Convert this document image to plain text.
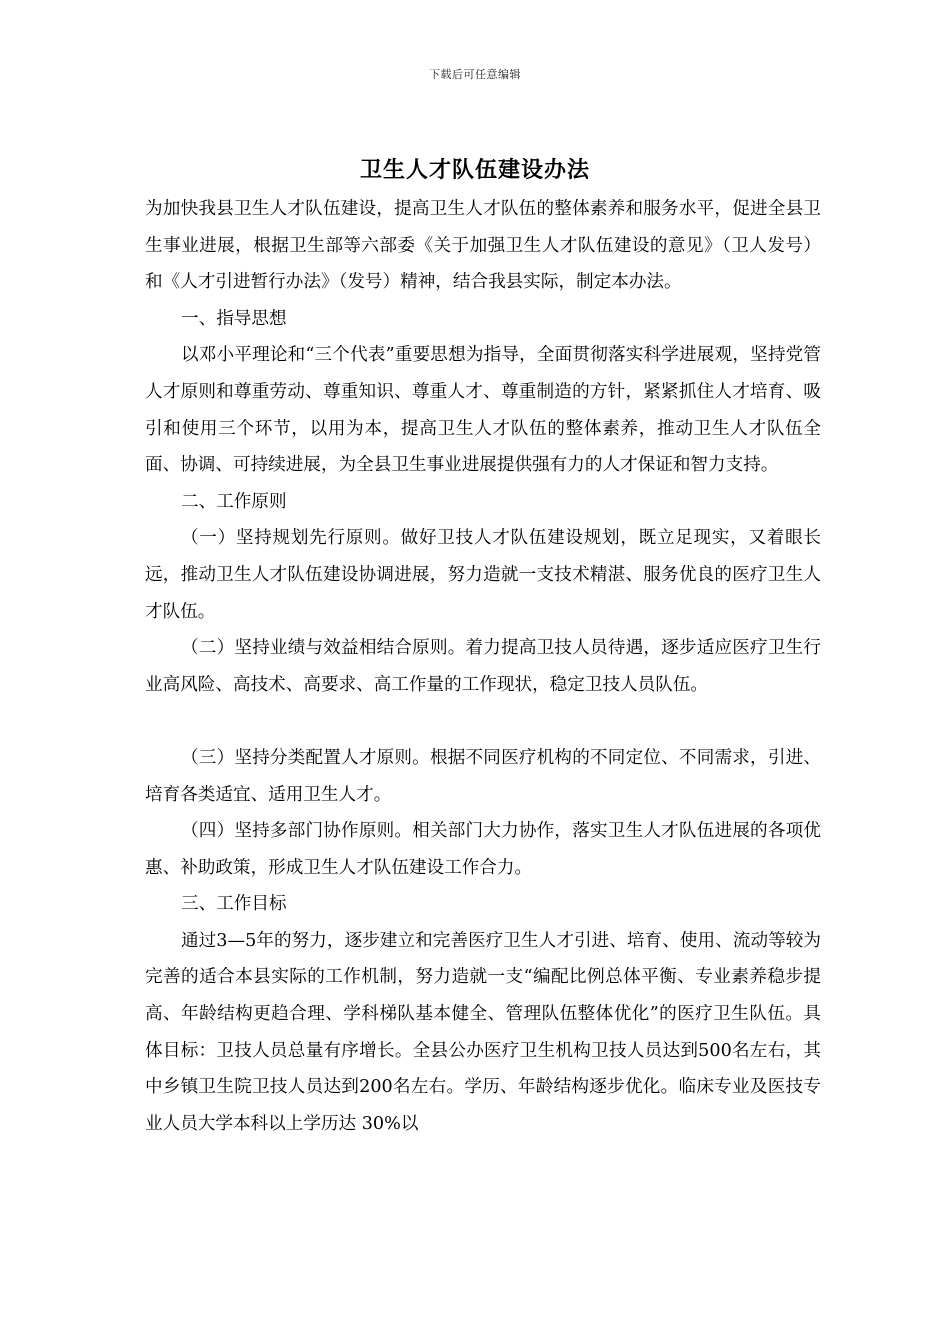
下载后可任意编辑
卫生人才队伍建设办法

为加快我县卫生人才队伍建设，提高卫生人才队伍的整体素养和服务水平，促进全县卫生事业进展，根据卫生部等六部委《关于加强卫生人才队伍建设的意见》（卫人发号）和《人才引进暂行办法》（发号）精神，结合我县实际，制定本办法。

一、指导思想

以邓小平理论和“三个代表”重要思想为指导，全面贯彻落实科学进展观，坚持党管人才原则和尊重劳动、尊重知识、尊重人才、尊重制造的方针，紧紧抓住人才培育、吸引和使用三个环节，以用为本，提高卫生人才队伍的整体素养，推动卫生人才队伍全面、协调、可持续进展，为全县卫生事业进展提供强有力的人才保证和智力支持。

二、工作原则

（一）坚持规划先行原则。做好卫技人才队伍建设规划，既立足现实，又着眼长远，推动卫生人才队伍建设协调进展，努力造就一支技术精湛、服务优良的医疗卫生人才队伍。

（二）坚持业绩与效益相结合原则。着力提高卫技人员待遇，逐步适应医疗卫生行业高风险、高技术、高要求、高工作量的工作现状，稳定卫技人员队伍。

（三）坚持分类配置人才原则。根据不同医疗机构的不同定位、不同需求，引进、培育各类适宜、适用卫生人才。

（四）坚持多部门协作原则。相关部门大力协作，落实卫生人才队伍进展的各项优惠、补助政策，形成卫生人才队伍建设工作合力。

三、工作目标

通过3—5年的努力，逐步建立和完善医疗卫生人才引进、培育、使用、流动等较为完善的适合本县实际的工作机制，努力造就一支“编配比例总体平衡、专业素养稳步提高、年龄结构更趋合理、学科梯队基本健全、管理队伍整体优化”的医疗卫生队伍。具体目标：卫技人员总量有序增长。全县公办医疗卫生机构卫技人员达到500名左右，其中乡镇卫生院卫技人员达到200名左右。学历、年龄结构逐步优化。临床专业及医技专业人员大学本科以上学历达 30%以
